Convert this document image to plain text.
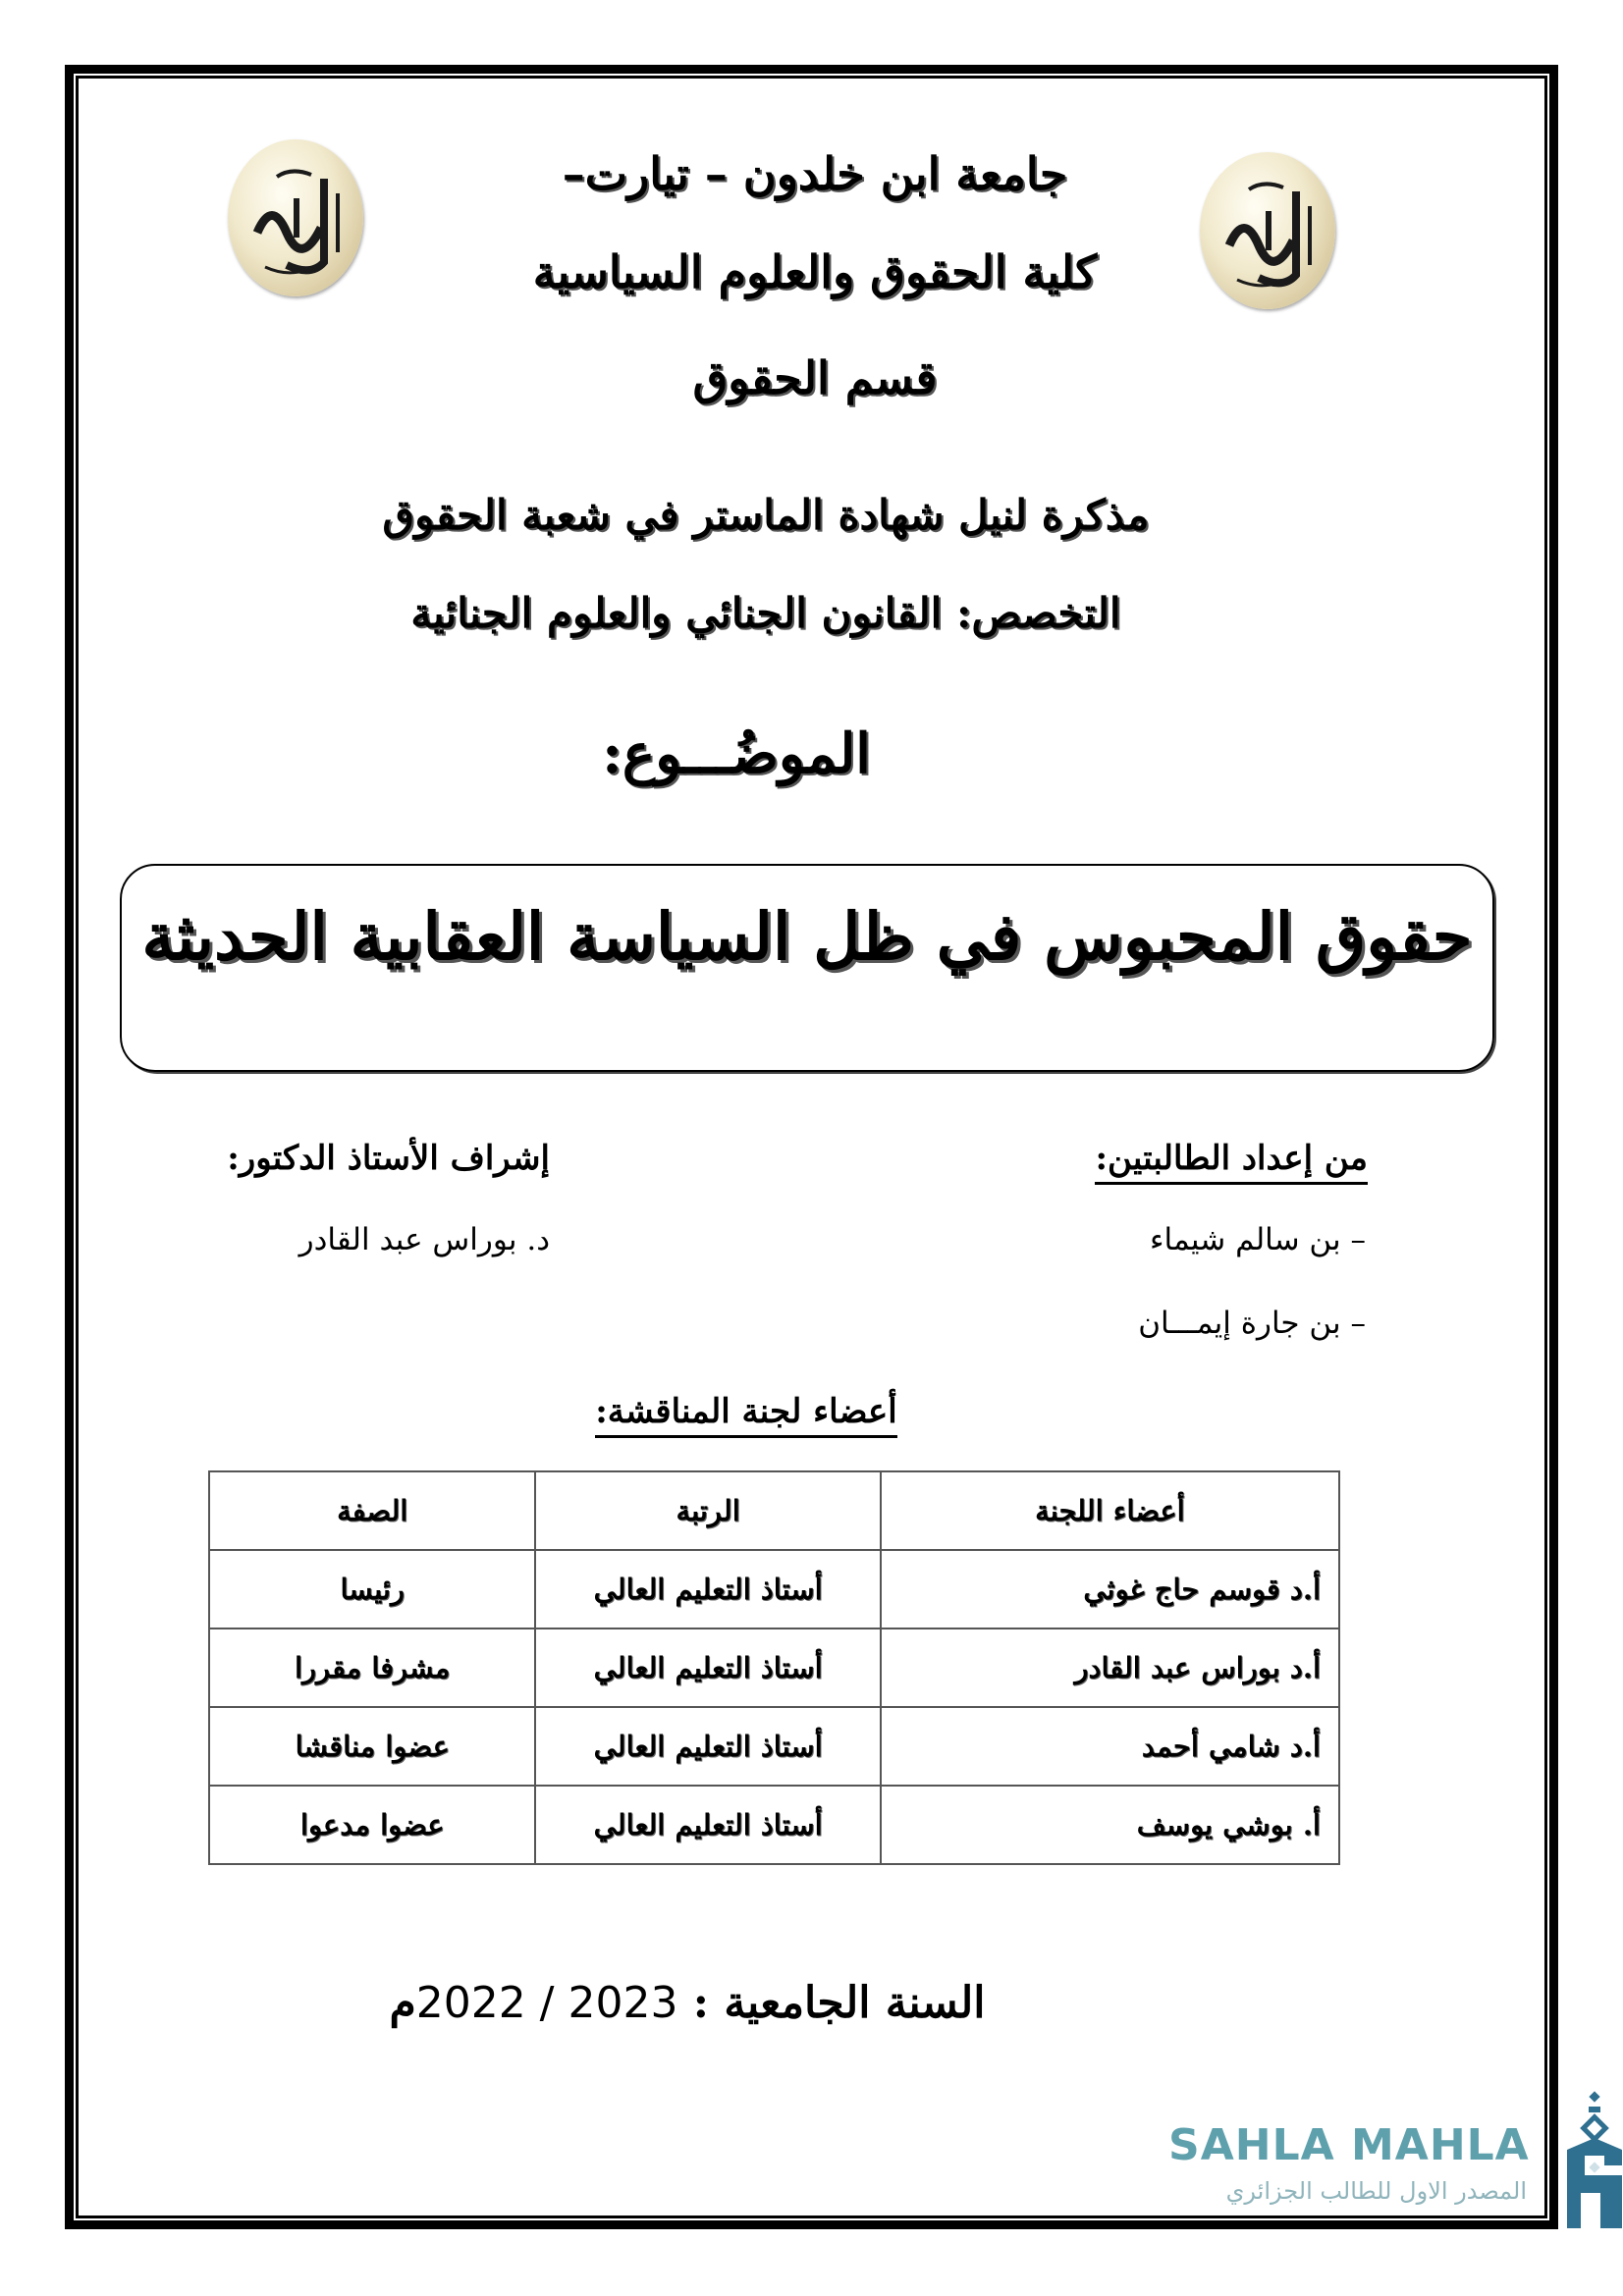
جامعة ابن خلدون – تيارت–
كلية الحقوق والعلوم السياسية
قسم الحقوق
مذكرة لنيل شهادة الماستر في شعبة الحقوق
التخصص: القانون الجنائي والعلوم الجنائية
الموضُـــوع:
حقوق المحبوس في ظل السياسة العقابية الحديثة
من إعداد الطالبتين:
– بن سالم شيماء
– بن جارة إيمـــان
إشراف الأستاذ الدكتور:
د. بوراس عبد القادر
أعضاء لجنة المناقشة:
أعضاء اللجنة	الرتبة	الصفة
أ.د قوسم حاج غوثي	أستاذ التعليم العالي	رئيسا
أ.د بوراس عبد القادر	أستاذ التعليم العالي	مشرفا مقررا
أ.د شامي أحمد	أستاذ التعليم العالي	عضوا مناقشا
أ. بوشي يوسف	أستاذ التعليم العالي	عضوا مدعوا
السنة الجامعية : 2022 / 2023م
SAHLA MAHLA
المصدر الاول للطالب الجزائري
